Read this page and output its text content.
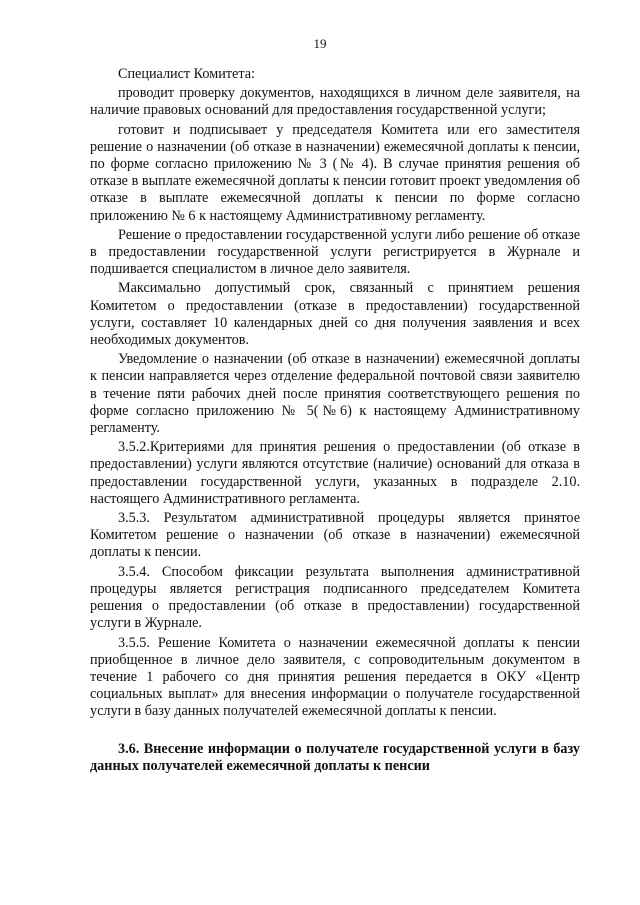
19

Специалист Комитета:

проводит проверку документов, находящихся в личном деле заявителя, на наличие правовых оснований для предоставления государственной услуги;

готовит и подписывает у председателя Комитета или его заместителя решение о назначении (об отказе в назначении) ежемесячной доплаты к пенсии, по форме согласно приложению № 3 (№ 4). В случае принятия решения об отказе в выплате ежемесячной доплаты к пенсии готовит проект уведомления об отказе в выплате ежемесячной доплаты к пенсии по форме согласно приложению № 6 к настоящему Административному регламенту.

Решение о предоставлении государственной услуги либо решение об отказе в предоставлении государственной услуги регистрируется в Журнале и подшивается специалистом в личное дело заявителя.

Максимально допустимый срок, связанный с принятием решения Комитетом о предоставлении (отказе в предоставлении) государственной услуги, составляет 10 календарных дней со дня получения заявления и всех необходимых документов.

Уведомление о назначении (об отказе в назначении) ежемесячной доплаты к пенсии направляется через отделение федеральной почтовой связи заявителю в течение пяти рабочих дней после принятия соответствующего решения по форме согласно приложению № 5(№6) к настоящему Административному регламенту.

3.5.2.Критериями для принятия решения о предоставлении (об отказе в предоставлении) услуги являются отсутствие (наличие) оснований для отказа в предоставлении государственной услуги, указанных в подразделе 2.10. настоящего Административного регламента.

3.5.3. Результатом административной процедуры является принятое Комитетом решение о назначении (об отказе в назначении) ежемесячной доплаты к пенсии.

3.5.4. Способом фиксации результата выполнения административной процедуры является регистрация подписанного председателем Комитета решения о предоставлении (об отказе в предоставлении) государственной услуги в Журнале.

3.5.5. Решение Комитета о назначении ежемесячной доплаты к пенсии приобщенное в личное дело заявителя, с сопроводительным документом в течение 1 рабочего со дня принятия решения передается в ОКУ «Центр социальных выплат» для внесения информации о получателе государственной услуги в базу данных получателей ежемесячной доплаты к пенсии.

3.6. Внесение информации о получателе государственной услуги в базу данных получателей ежемесячной доплаты к пенсии
